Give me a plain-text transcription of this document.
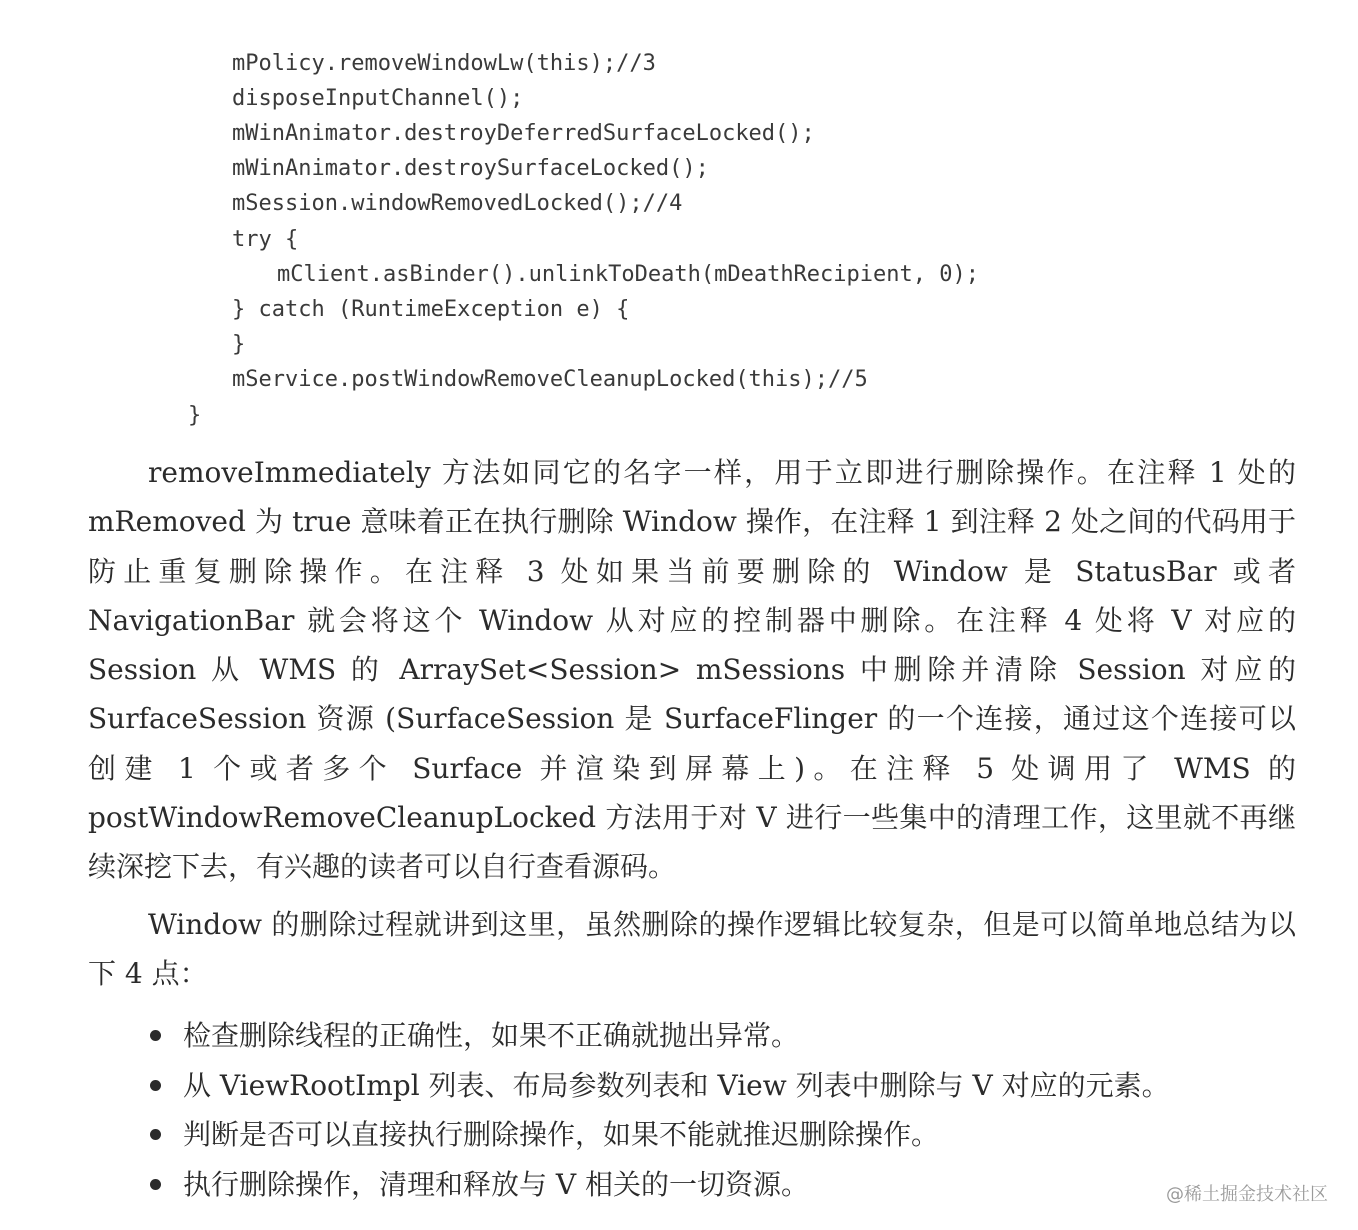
mPolicy.removeWindowLw(this);//3
disposeInputChannel();
mWinAnimator.destroyDeferredSurfaceLocked();
mWinAnimator.destroySurfaceLocked();
mSession.windowRemovedLocked();//4
try {
mClient.asBinder().unlinkToDeath(mDeathRecipient, 0);
} catch (RuntimeException e) {
}
mService.postWindowRemoveCleanupLocked(this);//5
}

removeImmediately 方法如同它的名字一样，用于立即进行删除操作。在注释 1 处的 mRemoved 为 true 意味着正在执行删除 Window 操作，在注释 1 到注释 2 处之间的代码用于防止重复删除操作。在注释 3 处如果当前要删除的 Window 是 StatusBar 或者 NavigationBar 就会将这个 Window 从对应的控制器中删除。在注释 4 处将 V 对应的 Session 从 WMS 的 ArraySet<Session> mSessions 中删除并清除 Session 对应的 SurfaceSession 资源 (SurfaceSession 是 SurfaceFlinger 的一个连接，通过这个连接可以创建 1 个或者多个 Surface 并渲染到屏幕上)。在注释 5 处调用了 WMS 的 postWindowRemoveCleanupLocked 方法用于对 V 进行一些集中的清理工作，这里就不再继续深挖下去，有兴趣的读者可以自行查看源码。

Window 的删除过程就讲到这里，虽然删除的操作逻辑比较复杂，但是可以简单地总结为以下 4 点：

检查删除线程的正确性，如果不正确就抛出异常。
从 ViewRootImpl 列表、布局参数列表和 View 列表中删除与 V 对应的元素。
判断是否可以直接执行删除操作，如果不能就推迟删除操作。
执行删除操作，清理和释放与 V 相关的一切资源。	@稀土掘金技术社区
